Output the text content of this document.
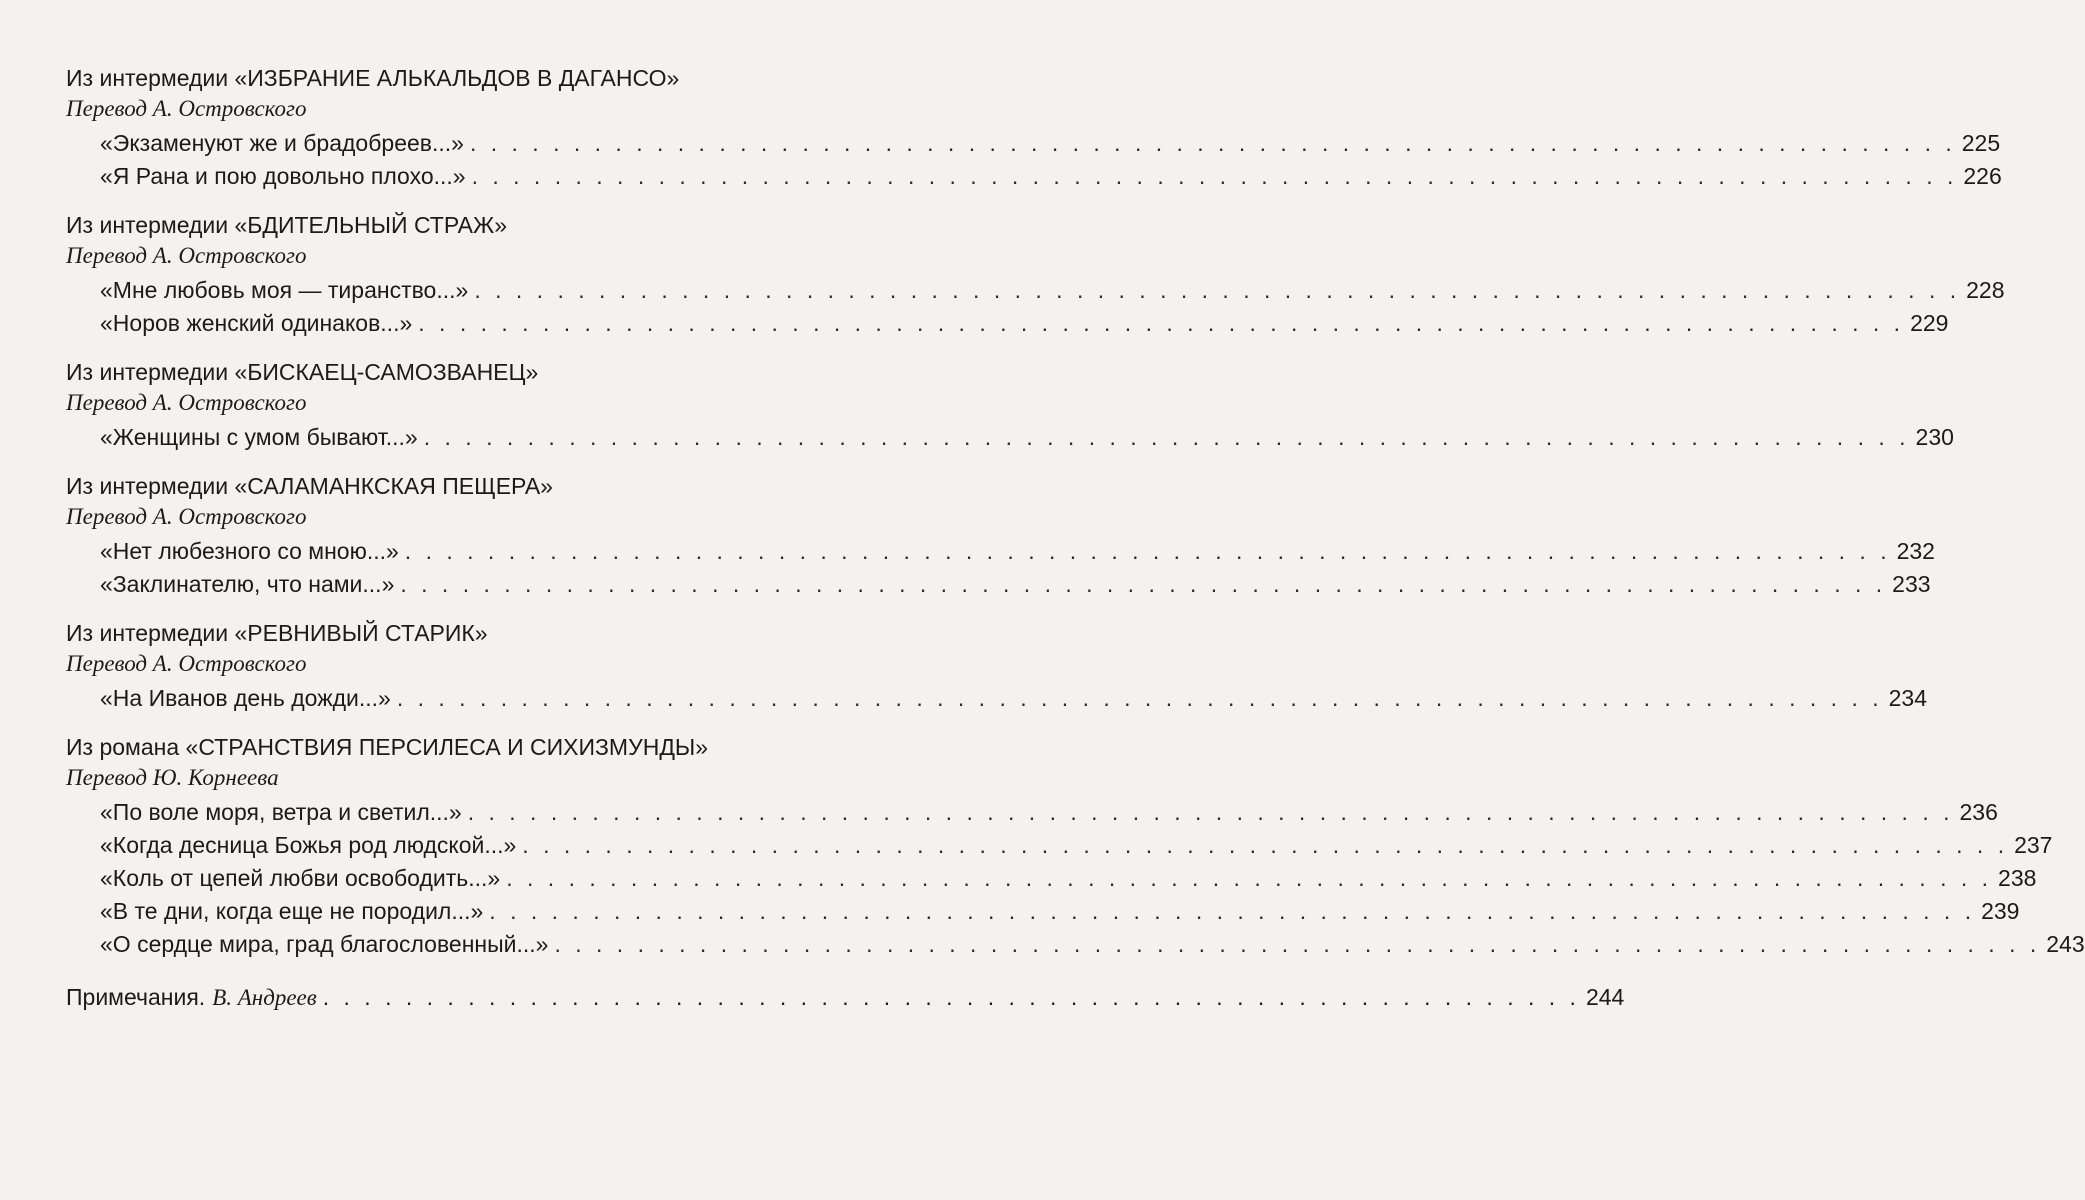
Из интермедии «ИЗБРАНИЕ АЛЬКАЛЬДОВ В ДАГАНСО»
Перевод А. Островского
«Экзаменуют же и брадобреев...» . . .	225
«Я Рана и пою довольно плохо...» . . .	226
Из интермедии «БДИТЕЛЬНЫЙ СТРАЖ»
Перевод А. Островского
«Мне любовь моя — тиранство...» . . .	228
«Норов женский одинаков...» . . .	229
Из интермедии «БИСКАЕЦ-САМОЗВАНЕЦ»
Перевод А. Островского
«Женщины с умом бывают...» . . .	230
Из интермедии «САЛАМАНКСКАЯ ПЕЩЕРА»
Перевод А. Островского
«Нет любезного со мною...» . . .	232
«Заклинателю, что нами...» . . .	233
Из интермедии «РЕВНИВЫЙ СТАРИК»
Перевод А. Островского
«На Иванов день дожди...» . . .	234
Из романа «СТРАНСТВИЯ ПЕРСИЛЕСА И СИХИЗМУНДЫ»
Перевод Ю. Корнеева
«По воле моря, ветра и светил...» . . .	236
«Когда десница Божья род людской...» . . .	237
«Коль от цепей любви освободить...» . . .	238
«В те дни, когда еще не породил...» . . .	239
«О сердце мира, град благословенный...» . . .	243
Примечания. В. Андреев . . . . . . . . . . . . . . . . . . . . . . . . . . . . . . . . . . . . . . . . . . . . . . . . . . . . . . . . . . . . . 244
